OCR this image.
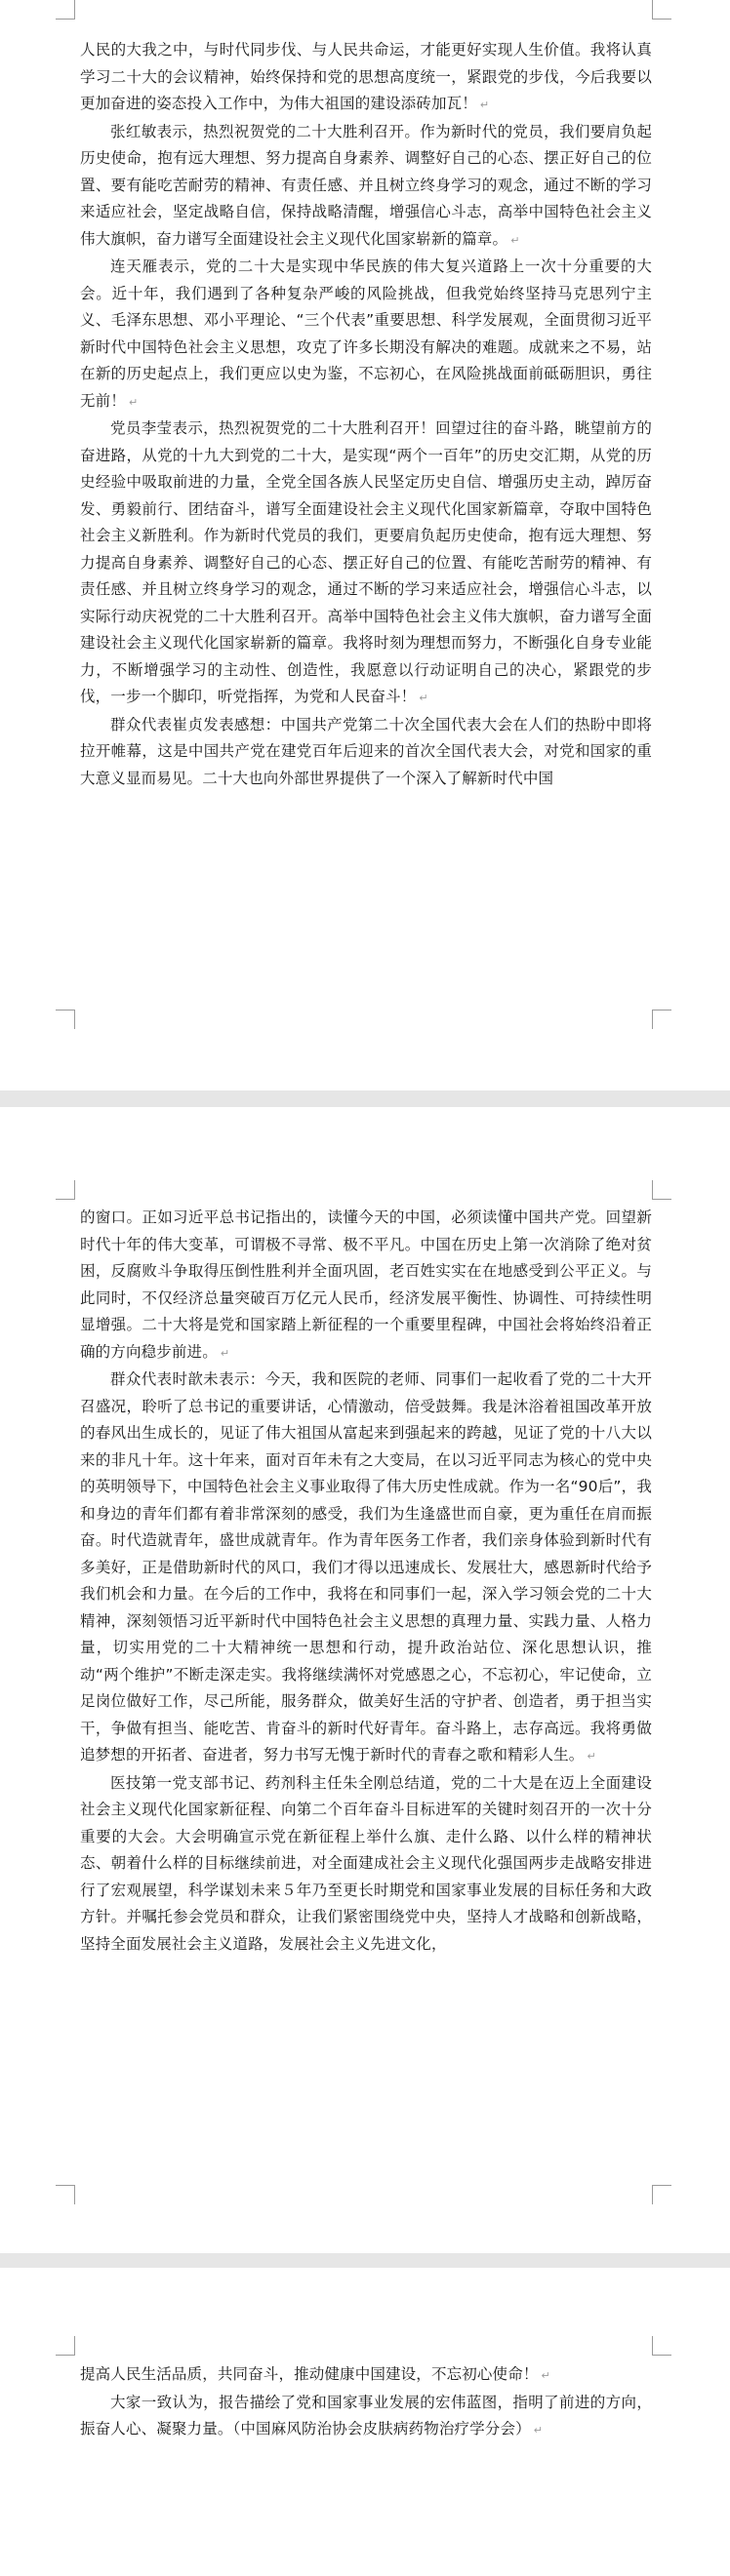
人民的大我之中，与时代同步伐、与人民共命运，才能更好实现人生价值。我将认真学习二十大的会议精神，始终保持和党的思想高度统一，紧跟党的步伐，今后我要以更加奋进的姿态投入工作中，为伟大祖国的建设添砖加瓦！ ↵

张红敏表示，热烈祝贺党的二十大胜利召开。作为新时代的党员，我们要肩负起历史使命，抱有远大理想、努力提高自身素养、调整好自己的心态、摆正好自己的位置、要有能吃苦耐劳的精神、有责任感、并且树立终身学习的观念，通过不断的学习来适应社会，坚定战略自信，保持战略清醒，增强信心斗志，高举中国特色社会主义伟大旗帜，奋力谱写全面建设社会主义现代化国家崭新的篇章。 ↵

连天雁表示，党的二十大是实现中华民族的伟大复兴道路上一次十分重要的大会。近十年，我们遇到了各种复杂严峻的风险挑战，但我党始终坚持马克思列宁主义、毛泽东思想、邓小平理论、“三个代表”重要思想、科学发展观，全面贯彻习近平新时代中国特色社会主义思想，攻克了许多长期没有解决的难题。成就来之不易，站在新的历史起点上，我们更应以史为鉴，不忘初心，在风险挑战面前砥砺胆识，勇往无前！ ↵

党员李莹表示，热烈祝贺党的二十大胜利召开！回望过往的奋斗路，眺望前方的奋进路，从党的十九大到党的二十大，是实现“两个一百年”的历史交汇期，从党的历史经验中吸取前进的力量，全党全国各族人民坚定历史自信、增强历史主动，踔厉奋发、勇毅前行、团结奋斗，谱写全面建设社会主义现代化国家新篇章，夺取中国特色社会主义新胜利。作为新时代党员的我们，更要肩负起历史使命，抱有远大理想、努力提高自身素养、调整好自己的心态、摆正好自己的位置、有能吃苦耐劳的精神、有责任感、并且树立终身学习的观念，通过不断的学习来适应社会，增强信心斗志，以实际行动庆祝党的二十大胜利召开。高举中国特色社会主义伟大旗帜，奋力谱写全面建设社会主义现代化国家崭新的篇章。我将时刻为理想而努力，不断强化自身专业能力，不断增强学习的主动性、创造性，我愿意以行动证明自己的决心，紧跟党的步伐，一步一个脚印，听党指挥，为党和人民奋斗！ ↵

群众代表崔贞发表感想：中国共产党第二十次全国代表大会在人们的热盼中即将拉开帷幕，这是中国共产党在建党百年后迎来的首次全国代表大会，对党和国家的重大意义显而易见。二十大也向外部世界提供了一个深入了解新时代中国

的窗口。正如习近平总书记指出的，读懂今天的中国，必须读懂中国共产党。回望新时代十年的伟大变革，可谓极不寻常、极不平凡。中国在历史上第一次消除了绝对贫困，反腐败斗争取得压倒性胜利并全面巩固，老百姓实实在在地感受到公平正义。与此同时，不仅经济总量突破百万亿元人民币，经济发展平衡性、协调性、可持续性明显增强。二十大将是党和国家踏上新征程的一个重要里程碑，中国社会将始终沿着正确的方向稳步前进。 ↵

群众代表时歆未表示：今天，我和医院的老师、同事们一起收看了党的二十大开召盛况，聆听了总书记的重要讲话，心情激动，倍受鼓舞。我是沐浴着祖国改革开放的春风出生成长的，见证了伟大祖国从富起来到强起来的跨越，见证了党的十八大以来的非凡十年。这十年来，面对百年未有之大变局，在以习近平同志为核心的党中央的英明领导下，中国特色社会主义事业取得了伟大历史性成就。作为一名“90后”，我和身边的青年们都有着非常深刻的感受，我们为生逢盛世而自豪，更为重任在肩而振奋。时代造就青年，盛世成就青年。作为青年医务工作者，我们亲身体验到新时代有多美好，正是借助新时代的风口，我们才得以迅速成长、发展壮大，感恩新时代给予我们机会和力量。在今后的工作中，我将在和同事们一起，深入学习领会党的二十大精神，深刻领悟习近平新时代中国特色社会主义思想的真理力量、实践力量、人格力量，切实用党的二十大精神统一思想和行动，提升政治站位、深化思想认识，推动“两个维护”不断走深走实。我将继续满怀对党感恩之心，不忘初心，牢记使命，立足岗位做好工作，尽己所能，服务群众，做美好生活的守护者、创造者，勇于担当实干，争做有担当、能吃苦、肯奋斗的新时代好青年。奋斗路上，志存高远。我将勇做追梦想的开拓者、奋进者，努力书写无愧于新时代的青春之歌和精彩人生。 ↵

医技第一党支部书记、药剂科主任朱全刚总结道，党的二十大是在迈上全面建设社会主义现代化国家新征程、向第二个百年奋斗目标进军的关键时刻召开的一次十分重要的大会。大会明确宣示党在新征程上举什么旗、走什么路、以什么样的精神状态、朝着什么样的目标继续前进，对全面建成社会主义现代化强国两步走战略安排进行了宏观展望，科学谋划未来５年乃至更长时期党和国家事业发展的目标任务和大政方针。并嘱托参会党员和群众，让我们紧密围绕党中央，坚持人才战略和创新战略，坚持全面发展社会主义道路，发展社会主义先进文化，

提高人民生活品质，共同奋斗，推动健康中国建设，不忘初心使命！ ↵

大家一致认为，报告描绘了党和国家事业发展的宏伟蓝图，指明了前进的方向，振奋人心、凝聚力量。（中国麻风防治协会皮肤病药物治疗学分会） ↵
